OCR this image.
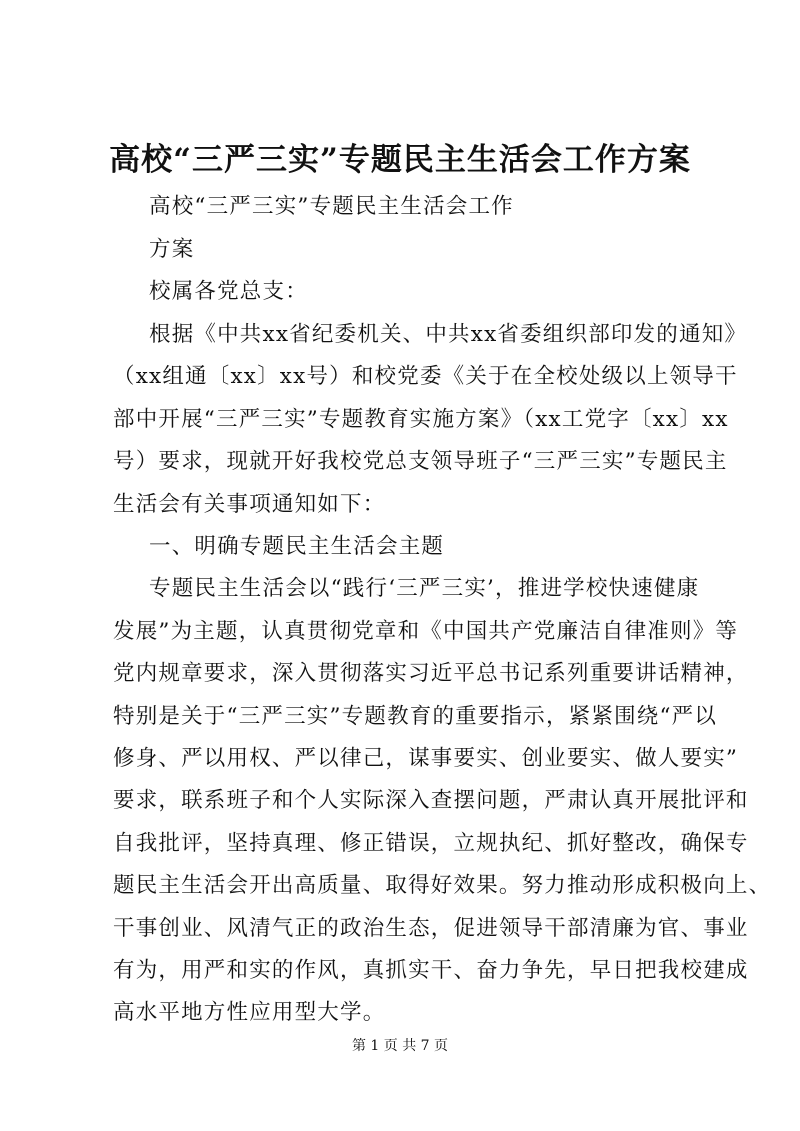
高校“三严三实”专题民主生活会工作方案
高校“三严三实”专题民主生活会工作
方案
校属各党总支：
根据《中共xx省纪委机关、中共xx省委组织部印发的通知》
（xx组通〔xx〕xx号）和校党委《关于在全校处级以上领导干
部中开展“三严三实”专题教育实施方案》（xx工党字〔xx〕xx
号）要求，现就开好我校党总支领导班子“三严三实”专题民主
生活会有关事项通知如下：
一、明确专题民主生活会主题
专题民主生活会以“践行‘三严三实’，推进学校快速健康
发展”为主题，认真贯彻党章和《中国共产党廉洁自律准则》等
党内规章要求，深入贯彻落实习近平总书记系列重要讲话精神，
特别是关于“三严三实”专题教育的重要指示，紧紧围绕“严以
修身、严以用权、严以律己，谋事要实、创业要实、做人要实”
要求，联系班子和个人实际深入查摆问题，严肃认真开展批评和
自我批评，坚持真理、修正错误，立规执纪、抓好整改，确保专
题民主生活会开出高质量、取得好效果。努力推动形成积极向上、
干事创业、风清气正的政治生态，促进领导干部清廉为官、事业
有为，用严和实的作风，真抓实干、奋力争先，早日把我校建成
高水平地方性应用型大学。
第 1 页 共 7 页
